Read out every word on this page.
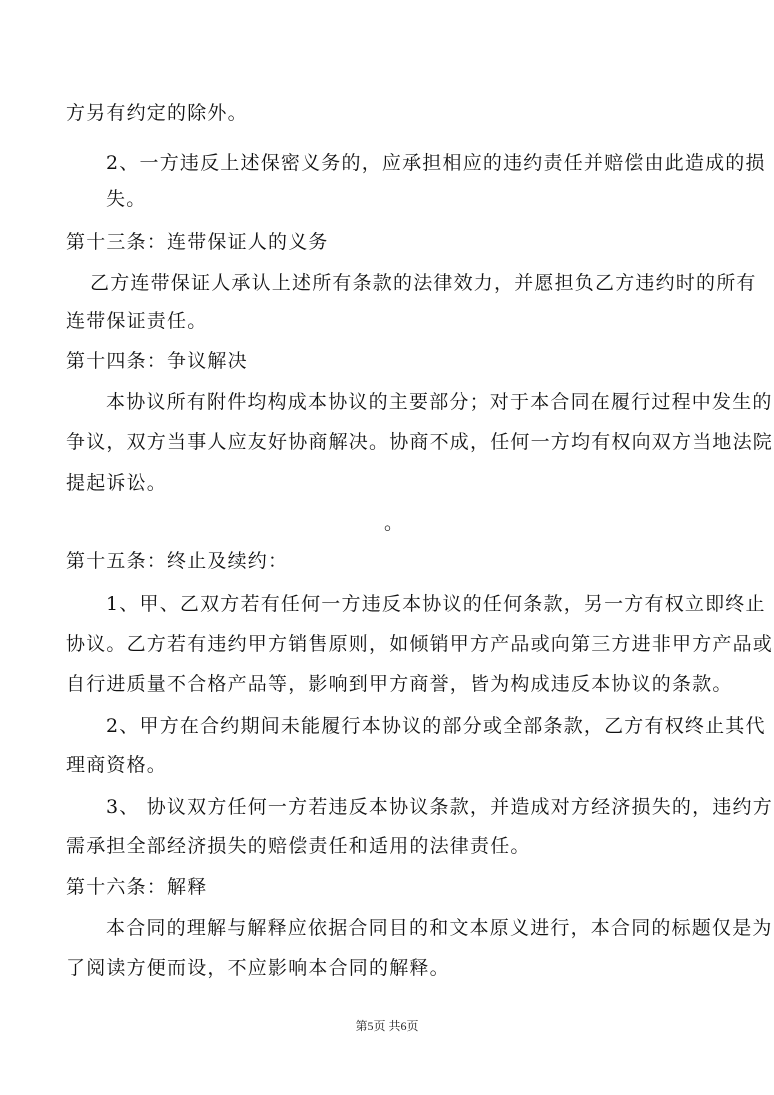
方另有约定的除外。
2、一方违反上述保密义务的，应承担相应的违约责任并赔偿由此造成的损
失。
第十三条：连带保证人的义务
乙方连带保证人承认上述所有条款的法律效力，并愿担负乙方违约时的所有
连带保证责任。
第十四条：争议解决
本协议所有附件均构成本协议的主要部分；对于本合同在履行过程中发生的
争议，双方当事人应友好协商解决。协商不成，任何一方均有权向双方当地法院
提起诉讼。
。
第十五条：终止及续约：
1、甲、乙双方若有任何一方违反本协议的任何条款，另一方有权立即终止
协议。乙方若有违约甲方销售原则，如倾销甲方产品或向第三方进非甲方产品或
自行进质量不合格产品等，影响到甲方商誉，皆为构成违反本协议的条款。
2、甲方在合约期间未能履行本协议的部分或全部条款，乙方有权终止其代
理商资格。
3、 协议双方任何一方若违反本协议条款，并造成对方经济损失的，违约方
需承担全部经济损失的赔偿责任和适用的法律责任。
第十六条：解释
本合同的理解与解释应依据合同目的和文本原义进行，本合同的标题仅是为
了阅读方便而设，不应影响本合同的解释。
第5页 共6页
